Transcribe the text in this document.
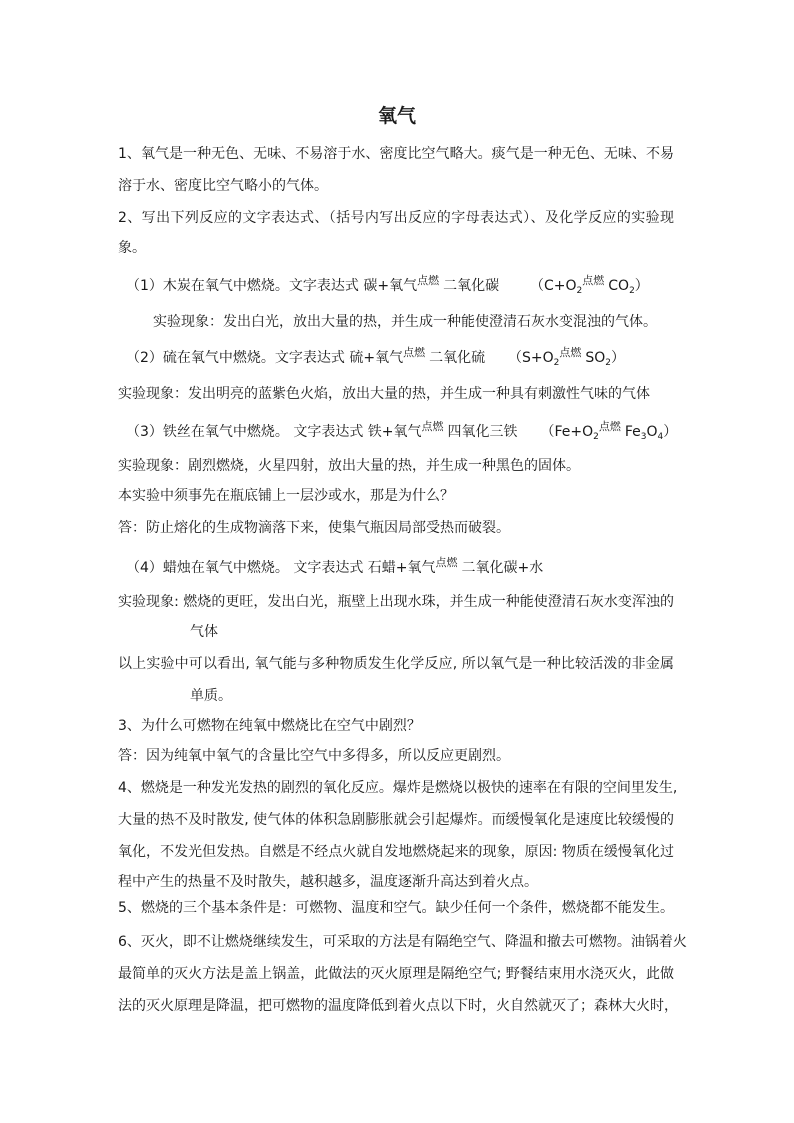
氧气
1、氧气是一种无色、无味、不易溶于水、密度比空气略大。痰气是一种无色、无味、不易
溶于水、密度比空气略小的气体。
2、写出下列反应的文字表达式、（括号内写出反应的字母表达式）、及化学反应的实验现
象。
（1）木炭在氧气中燃烧。文字表达式 碳+氧气 点燃 二氧化碳 （$C+O_2$
点燃 $CO_2$）
实验现象：发出白光，放出大量的热，并生成一种能使澄清石灰水变混浊的气体。
（2）硫在氧气中燃烧。文字表达式 硫+氧气 点燃 二氧化硫 （$S+O_2$
点燃 $SO_2$）
实验现象：发出明亮的蓝紫色火焰，放出大量的热，并生成一种具有刺激性气味的气体
（3）铁丝在氧气中燃烧。 文字表达式 铁+氧气 点燃 四氧化三铁 （$Fe+O_2$
点燃 $Fe_3O_4$）
实验现象：剧烈燃烧，火星四射，放出大量的热，并生成一种黑色的固体。
本实验中须事先在瓶底铺上一层沙或水，那是为什么？
答：防止熔化的生成物滴落下来，使集气瓶因局部受热而破裂。
（4）蜡烛在氧气中燃烧。 文字表达式 石蜡+氧气 点燃 二氧化碳+水
实验现象: 燃烧的更旺，发出白光，瓶壁上出现水珠，并生成一种能使澄清石灰水变浑浊的
气体
以上实验中可以看出, 氧气能与多种物质发生化学反应, 所以氧气是一种比较活泼的非金属
单质。
3、为什么可燃物在纯氧中燃烧比在空气中剧烈？
答：因为纯氧中氧气的含量比空气中多得多，所以反应更剧烈。
4、燃烧是一种发光发热的剧烈的氧化反应。爆炸是燃烧以极快的速率在有限的空间里发生,
大量的热不及时散发, 使气体的体积急剧膨胀就会引起爆炸。而缓慢氧化是速度比较缓慢的
氧化，不发光但发热。自燃是不经点火就自发地燃烧起来的现象，原因: 物质在缓慢氧化过
程中产生的热量不及时散失，越积越多，温度逐渐升高达到着火点。
5、燃烧的三个基本条件是：可燃物、温度和空气。缺少任何一个条件，燃烧都不能发生。
6、灭火，即不让燃烧继续发生，可采取的方法是有隔绝空气、降温和撤去可燃物。油锅着火
最简单的灭火方法是盖上锅盖，此做法的灭火原理是隔绝空气; 野餐结束用水浇灭火，此做
法的灭火原理是降温，把可燃物的温度降低到着火点以下时，火自然就灭了；森林大火时，
